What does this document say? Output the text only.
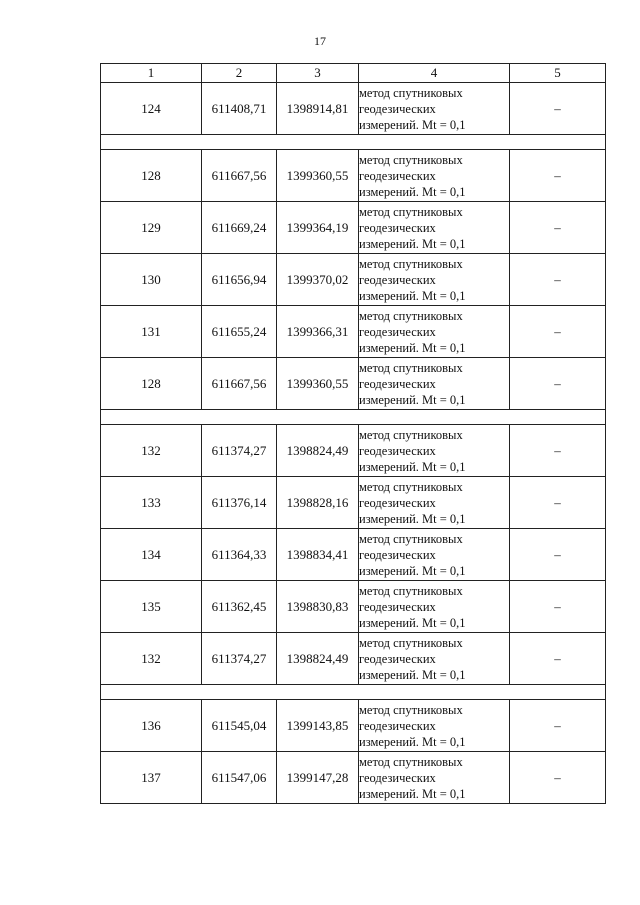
17
1	2	3	4	5
124	611408,71	1398914,81	метод спутниковых
геодезических
измерений. Mt = 0,1	–

128	611667,56	1399360,55	метод спутниковых
геодезических
измерений. Mt = 0,1	–
129	611669,24	1399364,19	метод спутниковых
геодезических
измерений. Mt = 0,1	–
130	611656,94	1399370,02	метод спутниковых
геодезических
измерений. Mt = 0,1	–
131	611655,24	1399366,31	метод спутниковых
геодезических
измерений. Mt = 0,1	–
128	611667,56	1399360,55	метод спутниковых
геодезических
измерений. Mt = 0,1	–

132	611374,27	1398824,49	метод спутниковых
геодезических
измерений. Mt = 0,1	–
133	611376,14	1398828,16	метод спутниковых
геодезических
измерений. Mt = 0,1	–
134	611364,33	1398834,41	метод спутниковых
геодезических
измерений. Mt = 0,1	–
135	611362,45	1398830,83	метод спутниковых
геодезических
измерений. Mt = 0,1	–
132	611374,27	1398824,49	метод спутниковых
геодезических
измерений. Mt = 0,1	–

136	611545,04	1399143,85	метод спутниковых
геодезических
измерений. Mt = 0,1	–
137	611547,06	1399147,28	метод спутниковых
геодезических
измерений. Mt = 0,1	–
